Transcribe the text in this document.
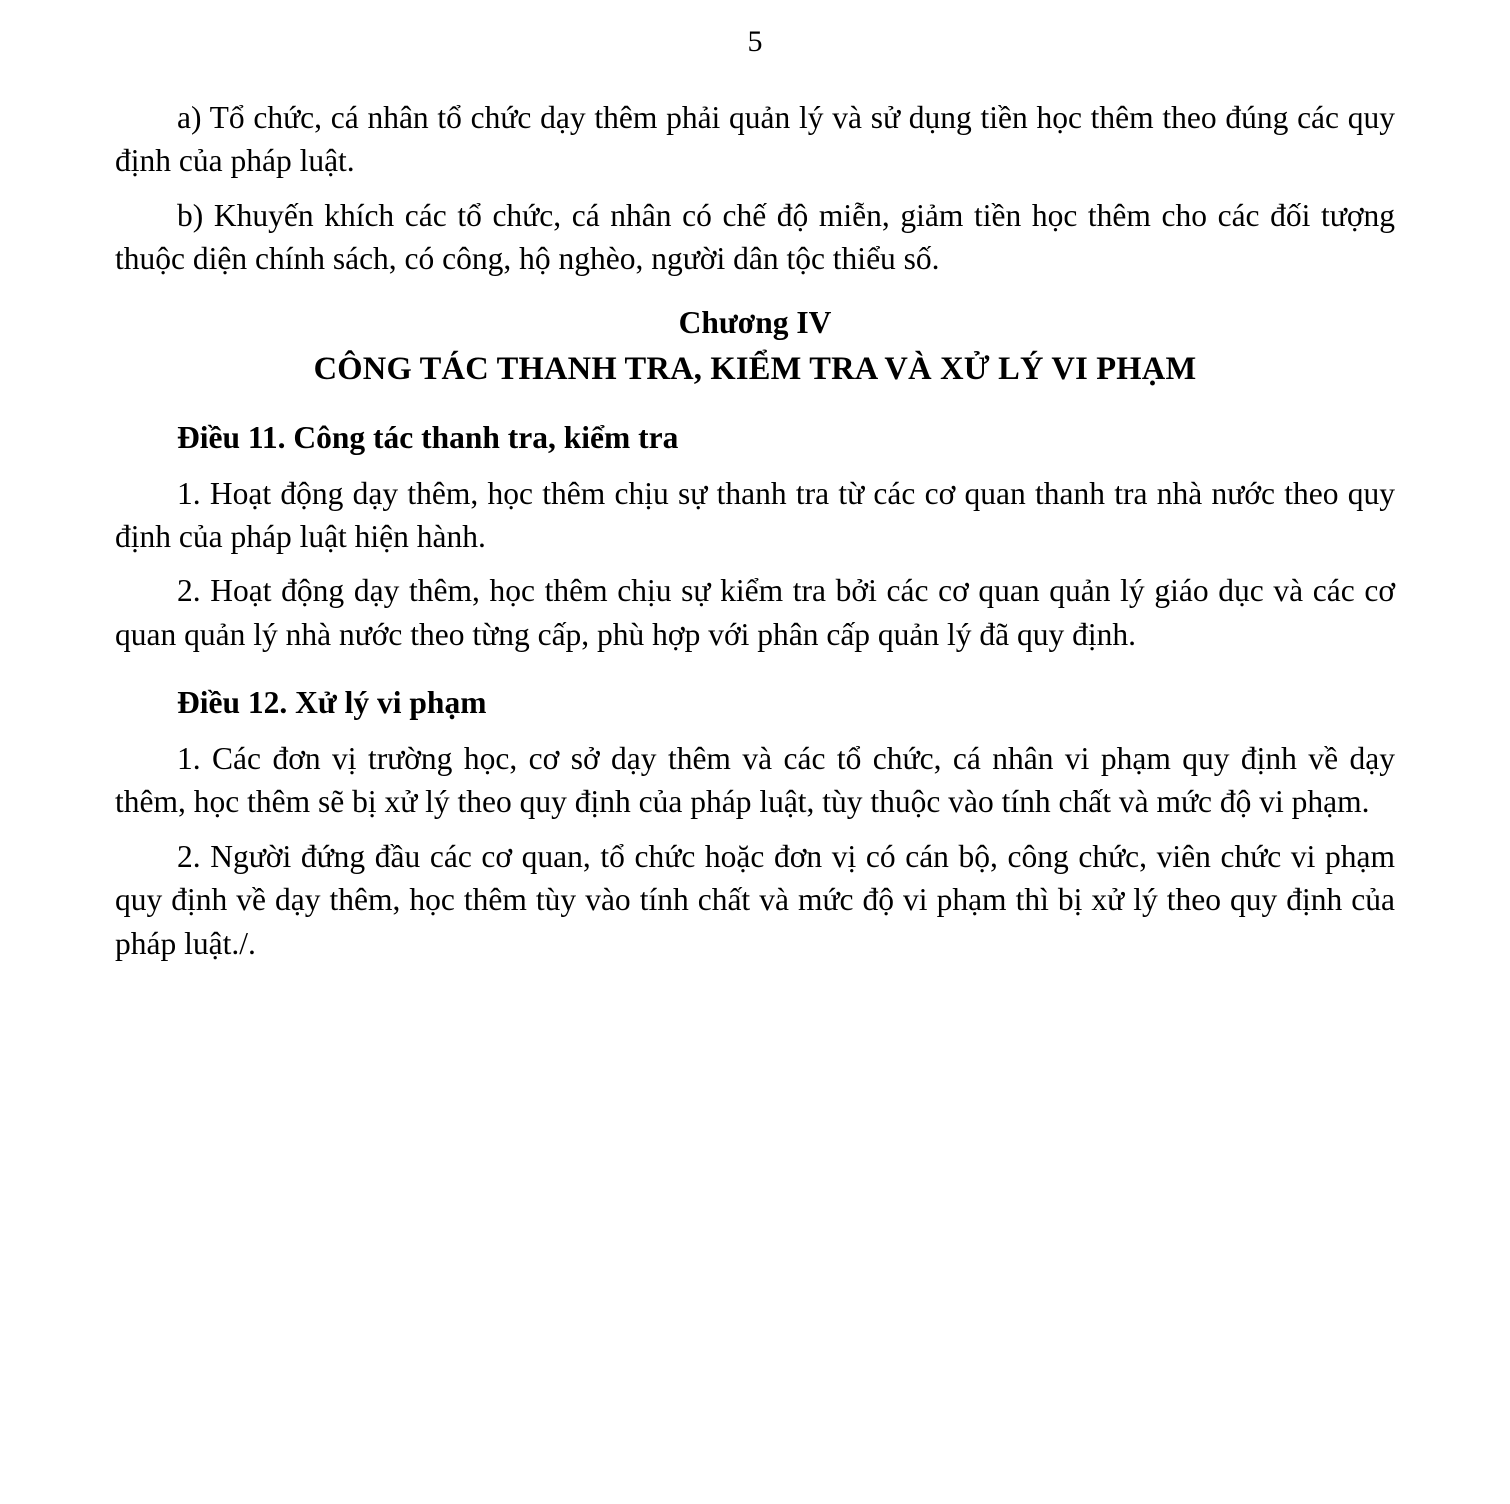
5

a) Tổ chức, cá nhân tổ chức dạy thêm phải quản lý và sử dụng tiền học thêm theo đúng các quy định của pháp luật.

b) Khuyến khích các tổ chức, cá nhân có chế độ miễn, giảm tiền học thêm cho các đối tượng thuộc diện chính sách, có công, hộ nghèo, người dân tộc thiểu số.

Chương IV
CÔNG TÁC THANH TRA, KIỂM TRA VÀ XỬ LÝ VI PHẠM
Điều 11. Công tác thanh tra, kiểm tra

1. Hoạt động dạy thêm, học thêm chịu sự thanh tra từ các cơ quan thanh tra nhà nước theo quy định của pháp luật hiện hành.

2. Hoạt động dạy thêm, học thêm chịu sự kiểm tra bởi các cơ quan quản lý giáo dục và các cơ quan quản lý nhà nước theo từng cấp, phù hợp với phân cấp quản lý đã quy định.

Điều 12. Xử lý vi phạm

1. Các đơn vị trường học, cơ sở dạy thêm và các tổ chức, cá nhân vi phạm quy định về dạy thêm, học thêm sẽ bị xử lý theo quy định của pháp luật, tùy thuộc vào tính chất và mức độ vi phạm.

2. Người đứng đầu các cơ quan, tổ chức hoặc đơn vị có cán bộ, công chức, viên chức vi phạm quy định về dạy thêm, học thêm tùy vào tính chất và mức độ vi phạm thì bị xử lý theo quy định của pháp luật./.
